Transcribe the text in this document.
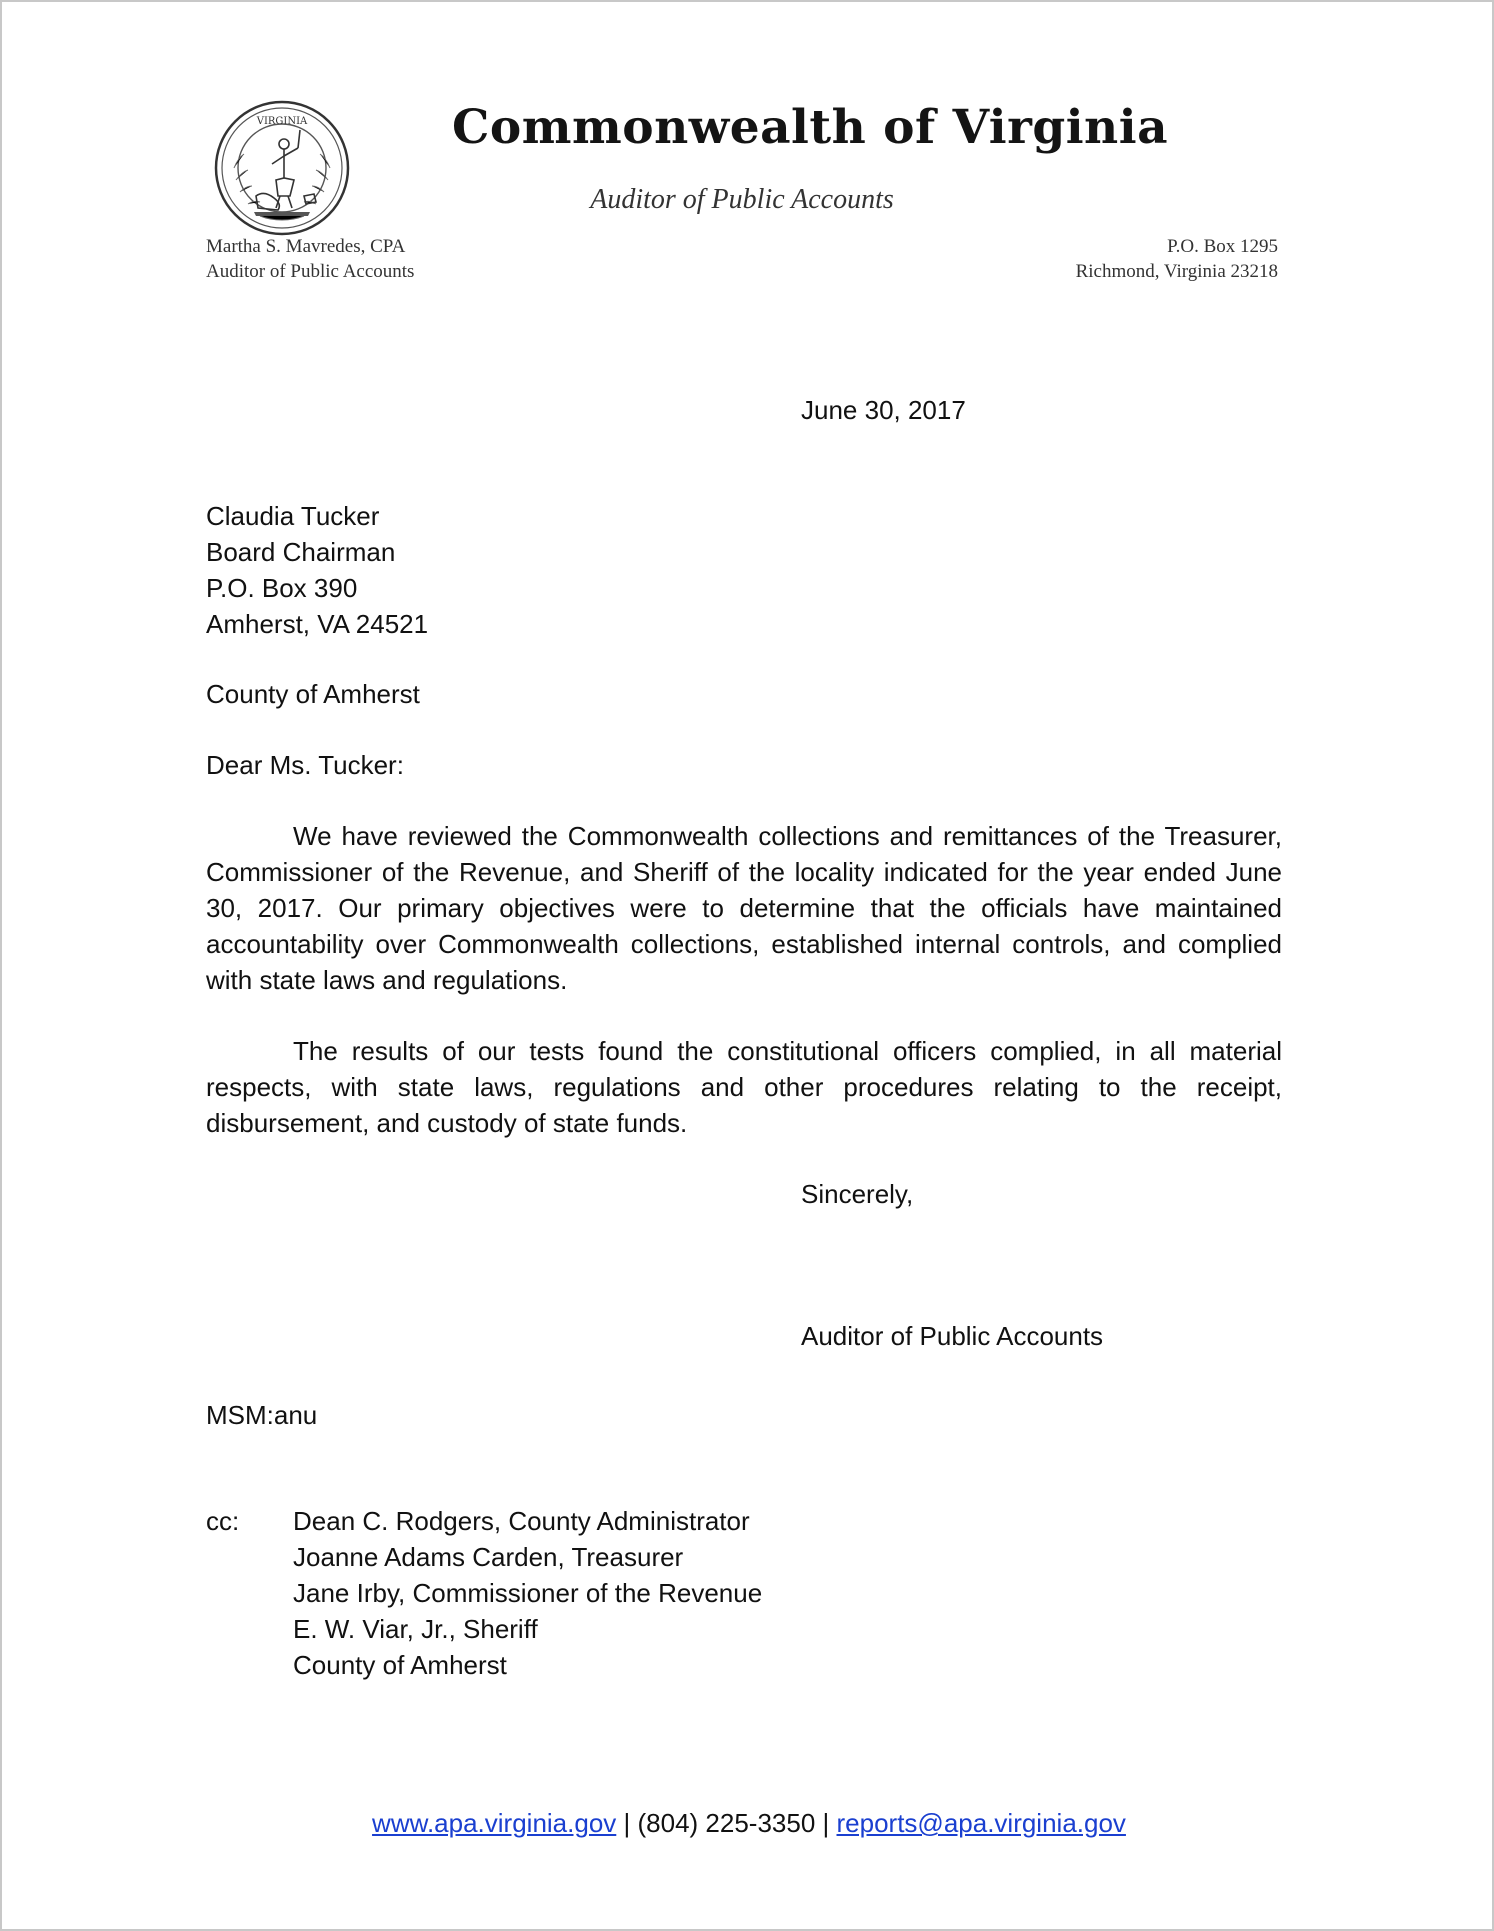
VIRGINIA	Commonwealth of Virginia
Auditor of Public Accounts
Martha S. Mavredes, CPA
Auditor of Public Accounts
P.O. Box 1295
Richmond, Virginia 23218
June 30, 2017
Claudia Tucker
Board Chairman
P.O. Box 390
Amherst, VA 24521
County of Amherst
Dear Ms. Tucker:
We have reviewed the Commonwealth collections and remittances of the Treasurer, Commissioner of the Revenue, and Sheriff of the locality indicated for the year ended June 30, 2017. Our primary objectives were to determine that the officials have maintained accountability over Commonwealth collections, established internal controls, and complied with state laws and regulations.
The results of our tests found the constitutional officers complied, in all material respects, with state laws, regulations and other procedures relating to the receipt, disbursement, and custody of state funds.
Sincerely,
Auditor of Public Accounts
MSM:anu
cc: Dean C. Rodgers, County Administrator
Joanne Adams Carden, Treasurer
Jane Irby, Commissioner of the Revenue
E. W. Viar, Jr., Sheriff
County of Amherst
www.apa.virginia.gov | (804) 225-3350 | reports@apa.virginia.gov
